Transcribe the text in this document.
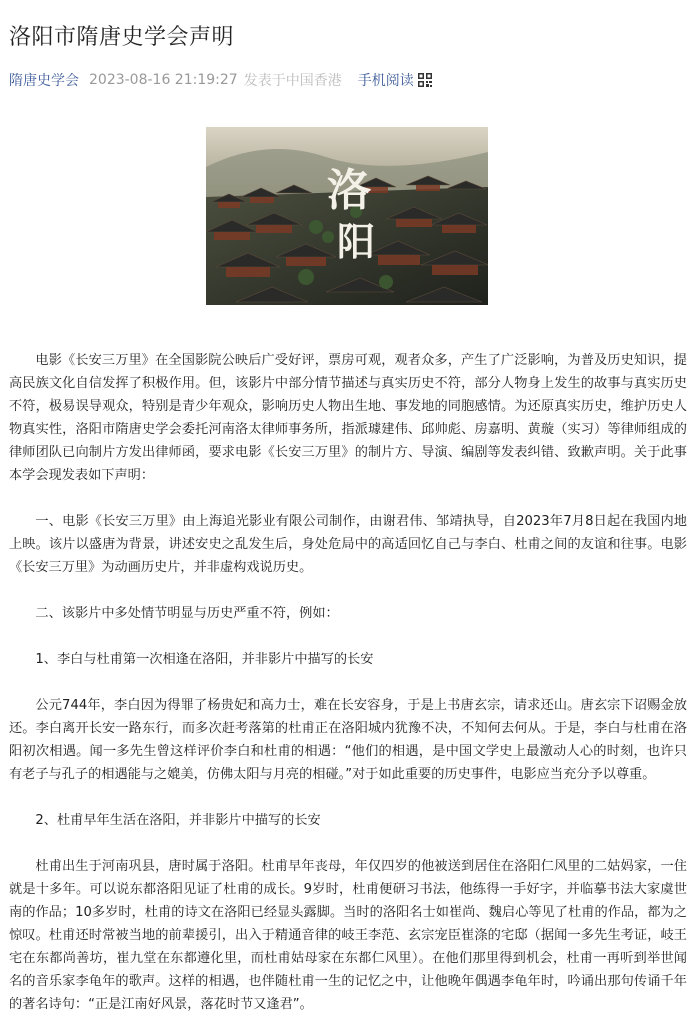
洛阳市隋唐史学会声明
隋唐史学会 2023-08-16 21:19:27 发表于中国香港 手机阅读
洛
阳

电影《长安三万里》在全国影院公映后广受好评，票房可观，观者众多，产生了广泛影响，为普及历史知识，提高民族文化自信发挥了积极作用。但，该影片中部分情节描述与真实历史不符，部分人物身上发生的故事与真实历史不符，极易误导观众，特别是青少年观众，影响历史人物出生地、事发地的同胞感情。为还原真实历史，维护历史人物真实性，洛阳市隋唐史学会委托河南洛太律师事务所，指派璩建伟、邱帅彪、房嘉明、黄璇（实习）等律师组成的律师团队已向制片方发出律师函，要求电影《长安三万里》的制片方、导演、编剧等发表纠错、致歉声明。关于此事本学会现发表如下声明：

一、电影《长安三万里》由上海追光影业有限公司制作，由谢君伟、邹靖执导，自2023年7月8日起在我国内地上映。该片以盛唐为背景，讲述安史之乱发生后，身处危局中的高适回忆自己与李白、杜甫之间的友谊和往事。电影《长安三万里》为动画历史片，并非虚构戏说历史。

二、该影片中多处情节明显与历史严重不符，例如：

1、李白与杜甫第一次相逢在洛阳，并非影片中描写的长安

公元744年，李白因为得罪了杨贵妃和高力士，难在长安容身，于是上书唐玄宗，请求还山。唐玄宗下诏赐金放还。李白离开长安一路东行，而多次赶考落第的杜甫正在洛阳城内犹豫不决，不知何去何从。于是，李白与杜甫在洛阳初次相遇。闻一多先生曾这样评价李白和杜甫的相遇：“他们的相遇，是中国文学史上最激动人心的时刻，也许只有老子与孔子的相遇能与之媲美，仿佛太阳与月亮的相碰。”对于如此重要的历史事件，电影应当充分予以尊重。

2、杜甫早年生活在洛阳，并非影片中描写的长安

杜甫出生于河南巩县，唐时属于洛阳。杜甫早年丧母，年仅四岁的他被送到居住在洛阳仁风里的二姑妈家，一住就是十多年。可以说东都洛阳见证了杜甫的成长。9岁时，杜甫便研习书法，他练得一手好字，并临摹书法大家虞世南的作品；10多岁时，杜甫的诗文在洛阳已经显头露脚。当时的洛阳名士如崔尚、魏启心等见了杜甫的作品，都为之惊叹。杜甫还时常被当地的前辈援引，出入于精通音律的岐王李范、玄宗宠臣崔涤的宅邸（据闻一多先生考证，岐王宅在东都尚善坊，崔九堂在东都遵化里，而杜甫姑母家在东都仁风里）。在他们那里得到机会，杜甫一再听到举世闻名的音乐家李龟年的歌声。这样的相遇，也伴随杜甫一生的记忆之中，让他晚年偶遇李龟年时，吟诵出那句传诵千年的著名诗句：“正是江南好风景，落花时节又逢君”。
